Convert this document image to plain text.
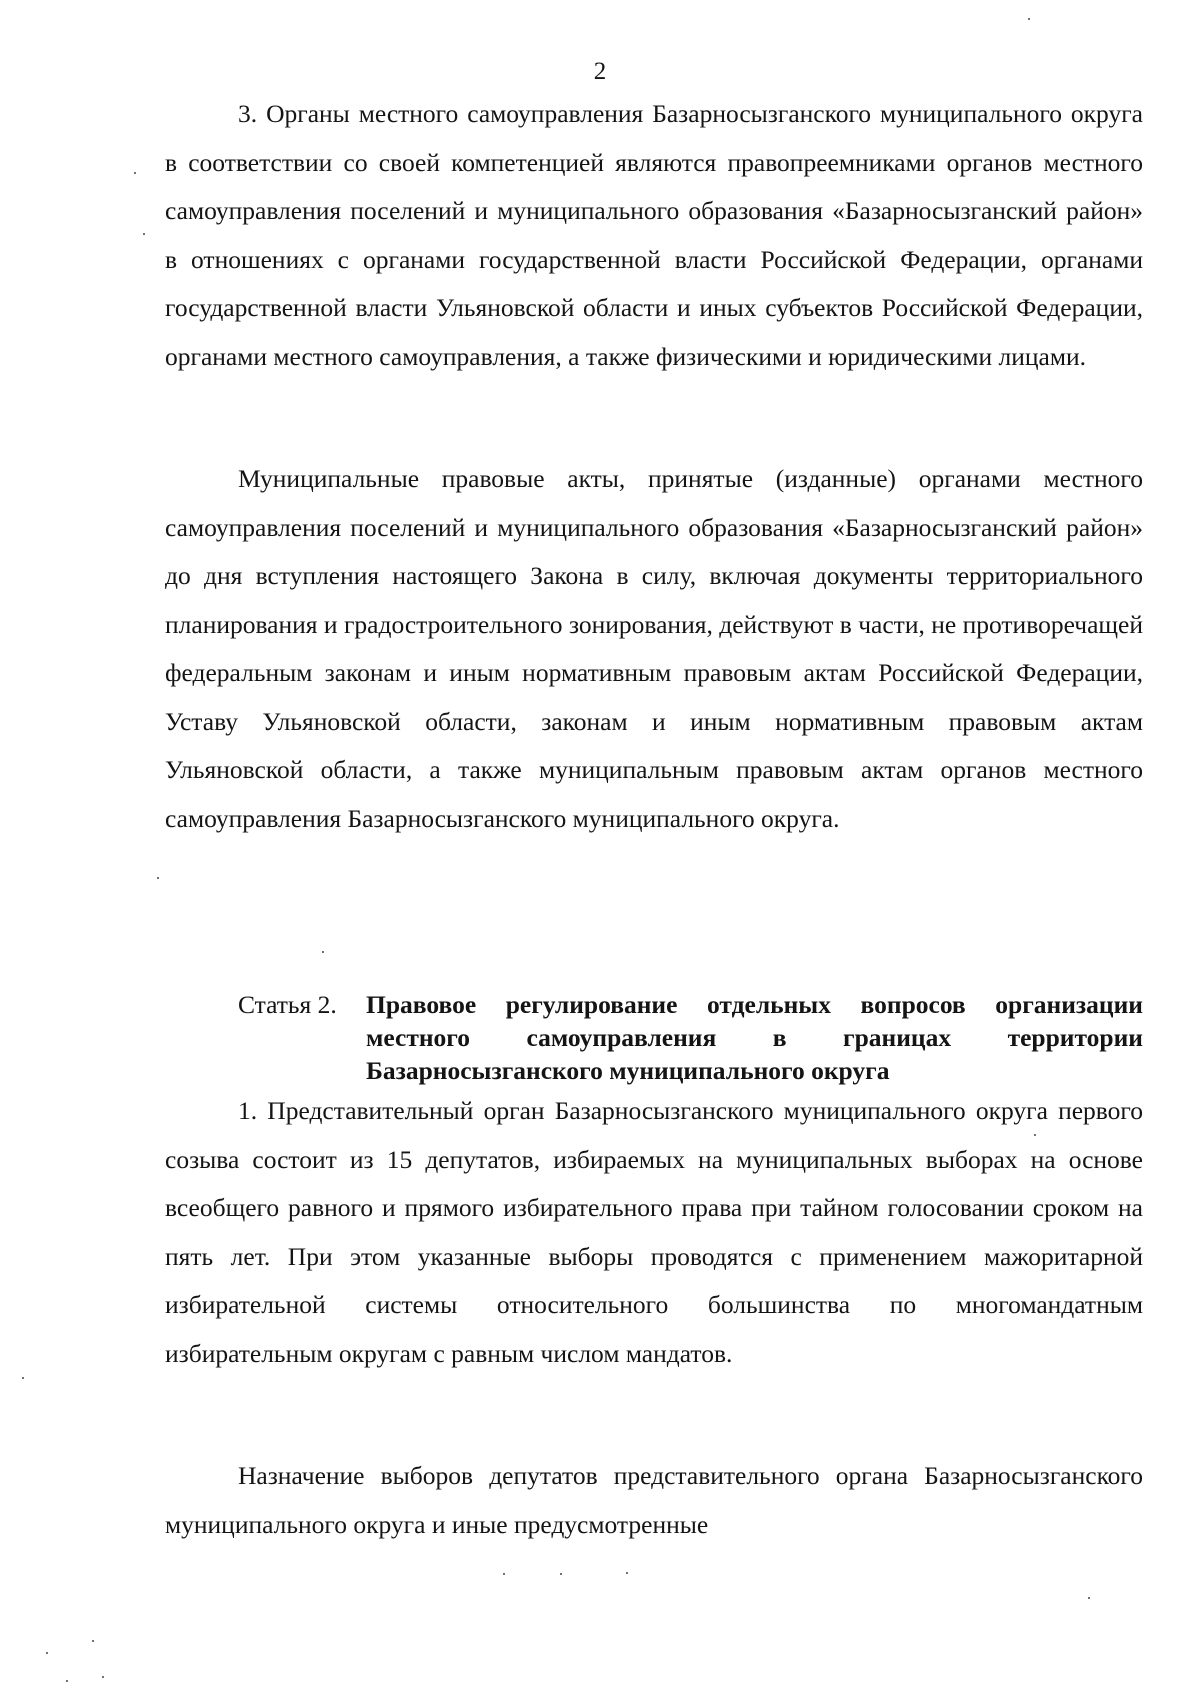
2

3. Органы местного самоуправления Базарносызганского муниципального округа в соответствии со своей компетенцией являются правопреемниками органов местного самоуправления поселений и муниципального образования «Базарносызганский район» в отношениях с органами государственной власти Российской Федерации, органами государственной власти Ульяновской области и иных субъектов Российской Федерации, органами местного самоуправления, а также физическими и юридическими лицами.

Муниципальные правовые акты, принятые (изданные) органами местного самоуправления поселений и муниципального образования «Базарносызганский район» до дня вступления настоящего Закона в силу, включая документы территориального планирования и градостроительного зонирования, действуют в части, не противоречащей федеральным законам и иным нормативным правовым актам Российской Федерации, Уставу Ульяновской области, законам и иным нормативным правовым актам Ульяновской области, а также муниципальным правовым актам органов местного самоуправления Базарносызганского муниципального округа.

Статья 2. Правовое регулирование отдельных вопросов организации местного самоуправления в границах территории Базарносызганского муниципального округа

1. Представительный орган Базарносызганского муниципального округа первого созыва состоит из 15 депутатов, избираемых на муниципальных выборах на основе всеобщего равного и прямого избирательного права при тайном голосовании сроком на пять лет. При этом указанные выборы проводятся с применением мажоритарной избирательной системы относительного большинства по многомандатным избирательным округам с равным числом мандатов.

Назначение выборов депутатов представительного органа Базарносызганского муниципального округа и иные предусмотренные
